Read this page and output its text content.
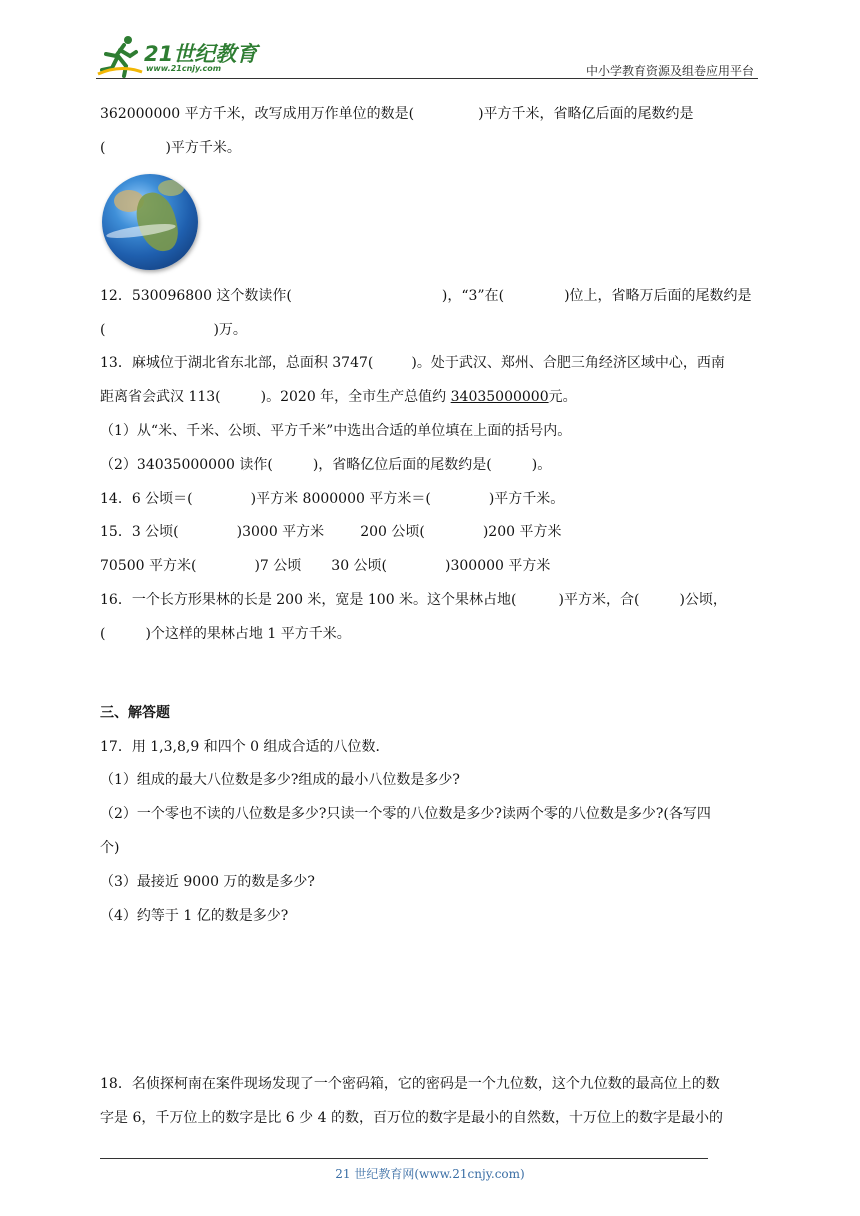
21世纪教育
www.21cnjy.com	中小学教育资源及组卷应用平台
362000000 平方千米，改写成用万作单位的数是(	)平方千米，省略亿后面的尾数约是
(	)平方千米。
12．530096800 这个数读作(	)，“3”在(	)位上，省略万后面的尾数约是
(	)万。
13．麻城位于湖北省东北部，总面积 3747(	)。处于武汉、郑州、合肥三角经济区域中心，西南
距离省会武汉 113(	)。2020 年，全市生产总值约 34035000000元。
（1）从“米、千米、公顷、平方千米”中选出合适的单位填在上面的括号内。
（2）34035000000 读作(	)，省略亿位后面的尾数约是(	)。
14．6 公顷＝(	)平方米 8000000 平方米＝(	)平方千米。
15．3 公顷(	)3000 平方米	200 公顷(	)200 平方米
70500 平方米(	)7 公顷 30 公顷(	)300000 平方米
16．一个长方形果林的长是 200 米，宽是 100 米。这个果林占地(	)平方米，合(	)公顷，
(	)个这样的果林占地 1 平方千米。
三、解答题
17．用 1,3,8,9 和四个 0 组成合适的八位数．
（1）组成的最大八位数是多少?组成的最小八位数是多少?
（2）一个零也不读的八位数是多少?只读一个零的八位数是多少?读两个零的八位数是多少?(各写四
个)
（3）最接近 9000 万的数是多少?
（4）约等于 1 亿的数是多少?
18．名侦探柯南在案件现场发现了一个密码箱，它的密码是一个九位数，这个九位数的最高位上的数
字是 6，千万位上的数字是比 6 少 4 的数，百万位的数字是最小的自然数，十万位上的数字是最小的
21 世纪教育网(www.21cnjy.com)
